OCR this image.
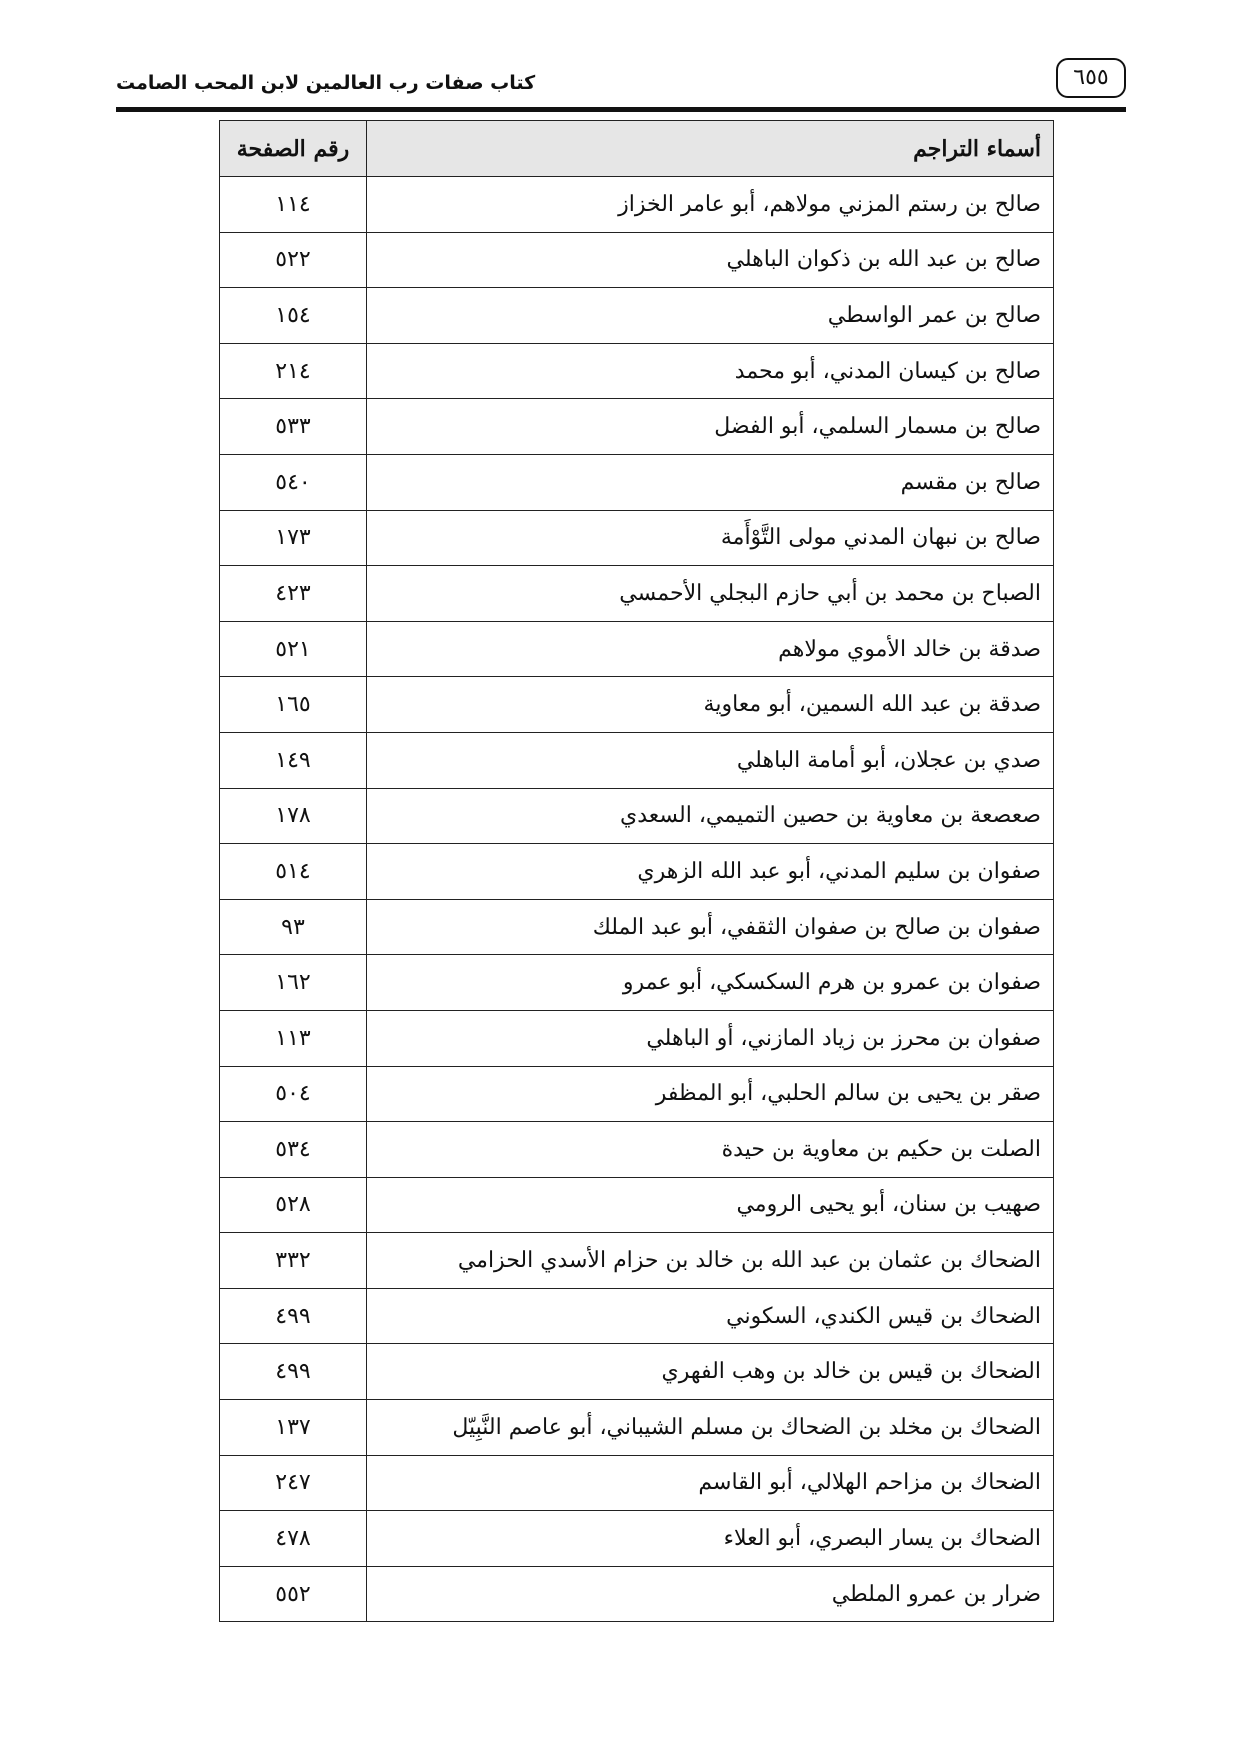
كتاب صفات رب العالمين لابن المحب الصامت	٦٥٥
أسماء التراجم	رقم الصفحة
صالح بن رستم المزني مولاهم، أبو عامر الخزاز	١١٤
صالح بن عبد الله بن ذكوان الباهلي	٥٢٢
صالح بن عمر الواسطي	١٥٤
صالح بن كيسان المدني، أبو محمد	٢١٤
صالح بن مسمار السلمي، أبو الفضل	٥٣٣
صالح بن مقسم	٥٤٠
صالح بن نبهان المدني مولى التَّوْأَمة	١٧٣
الصباح بن محمد بن أبي حازم البجلي الأحمسي	٤٢٣
صدقة بن خالد الأموي مولاهم	٥٢١
صدقة بن عبد الله السمين، أبو معاوية	١٦٥
صدي بن عجلان، أبو أمامة الباهلي	١٤٩
صعصعة بن معاوية بن حصين التميمي، السعدي	١٧٨
صفوان بن سليم المدني، أبو عبد الله الزهري	٥١٤
صفوان بن صالح بن صفوان الثقفي، أبو عبد الملك	٩٣
صفوان بن عمرو بن هرم السكسكي، أبو عمرو	١٦٢
صفوان بن محرز بن زياد المازني، أو الباهلي	١١٣
صقر بن يحيى بن سالم الحلبي، أبو المظفر	٥٠٤
الصلت بن حكيم بن معاوية بن حيدة	٥٣٤
صهيب بن سنان، أبو يحيى الرومي	٥٢٨
الضحاك بن عثمان بن عبد الله بن خالد بن حزام الأسدي الحزامي	٣٣٢
الضحاك بن قيس الكندي، السكوني	٤٩٩
الضحاك بن قيس بن خالد بن وهب الفهري	٤٩٩
الضحاك بن مخلد بن الضحاك بن مسلم الشيباني، أبو عاصم النَّبِيّل	١٣٧
الضحاك بن مزاحم الهلالي، أبو القاسم	٢٤٧
الضحاك بن يسار البصري، أبو العلاء	٤٧٨
ضرار بن عمرو الملطي	٥٥٢
